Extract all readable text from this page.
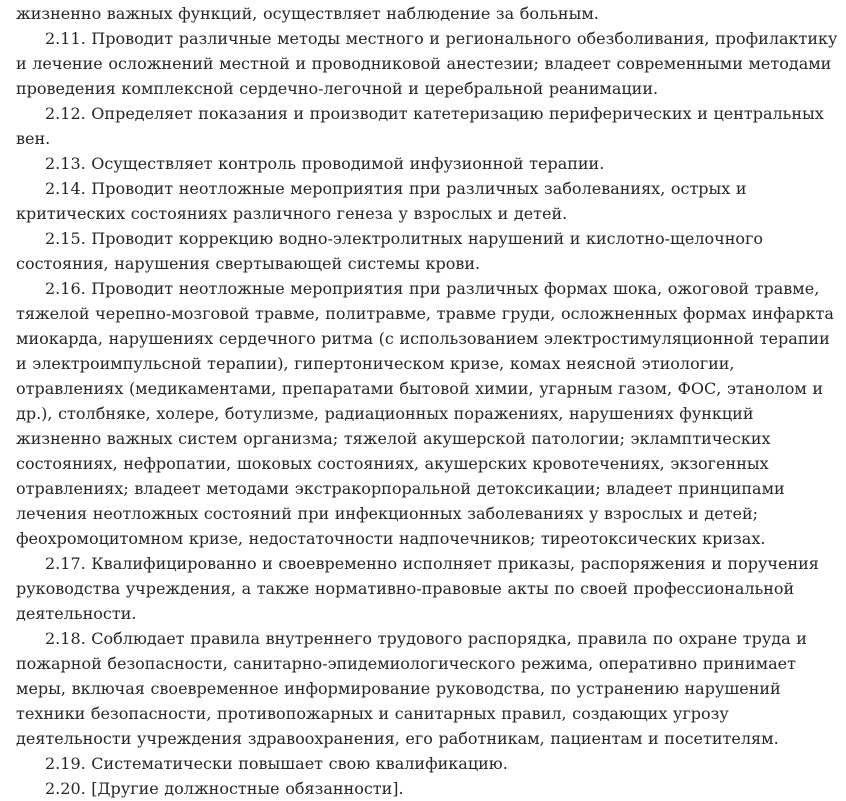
жизненно важных функций, осуществляет наблюдение за больным.

2.11. Проводит различные методы местного и регионального обезболивания, профилактику и лечение осложнений местной и проводниковой анестезии; владеет современными методами проведения комплексной сердечно-легочной и церебральной реанимации.

2.12. Определяет показания и производит катетеризацию периферических и центральных вен.

2.13. Осуществляет контроль проводимой инфузионной терапии.

2.14. Проводит неотложные мероприятия при различных заболеваниях, острых и критических состояниях различного генеза у взрослых и детей.

2.15. Проводит коррекцию водно-электролитных нарушений и кислотно-щелочного состояния, нарушения свертывающей системы крови.

2.16. Проводит неотложные мероприятия при различных формах шока, ожоговой травме, тяжелой черепно-мозговой травме, политравме, травме груди, осложненных формах инфаркта миокарда, нарушениях сердечного ритма (с использованием электростимуляционной терапии и электроимпульсной терапии), гипертоническом кризе, комах неясной этиологии, отравлениях (медикаментами, препаратами бытовой химии, угарным газом, ФОС, этанолом и др.), столбняке, холере, ботулизме, радиационных поражениях, нарушениях функций жизненно важных систем организма; тяжелой акушерской патологии; экламптических состояниях, нефропатии, шоковых состояниях, акушерских кровотечениях, экзогенных отравлениях; владеет методами экстракорпоральной детоксикации; владеет принципами лечения неотложных состояний при инфекционных заболеваниях у взрослых и детей; феохромоцитомном кризе, недостаточности надпочечников; тиреотоксических кризах.

2.17. Квалифицированно и своевременно исполняет приказы, распоряжения и поручения руководства учреждения, а также нормативно-правовые акты по своей профессиональной деятельности.

2.18. Соблюдает правила внутреннего трудового распорядка, правила по охране труда и пожарной безопасности, санитарно-эпидемиологического режима, оперативно принимает меры, включая своевременное информирование руководства, по устранению нарушений техники безопасности, противопожарных и санитарных правил, создающих угрозу деятельности учреждения здравоохранения, его работникам, пациентам и посетителям.

2.19. Систематически повышает свою квалификацию.

2.20. [Другие должностные обязанности].
